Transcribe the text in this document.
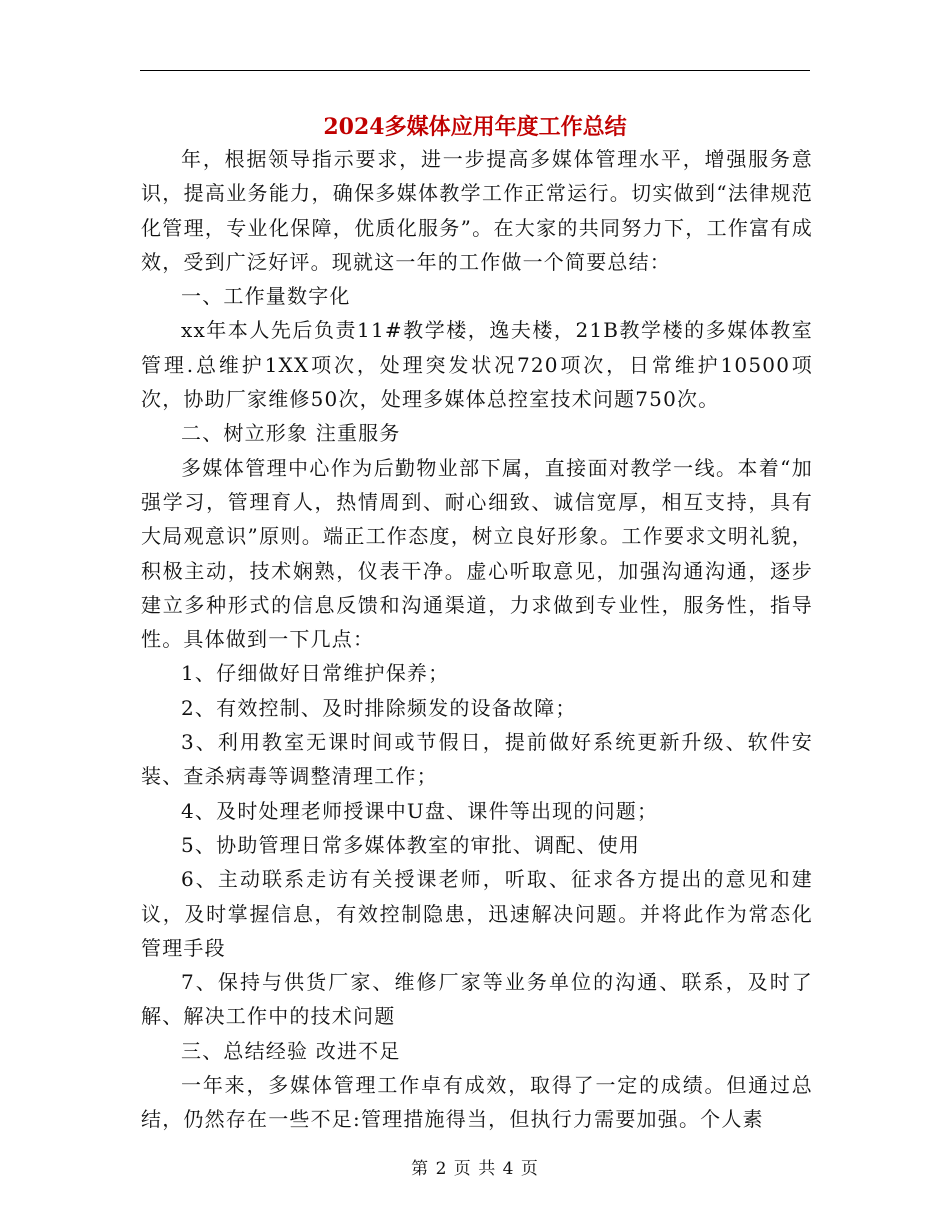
2024多媒体应用年度工作总结

年，根据领导指示要求，进一步提高多媒体管理水平，增强服务意识，提高业务能力，确保多媒体教学工作正常运行。切实做到“法律规范化管理，专业化保障，优质化服务”。在大家的共同努力下，工作富有成效，受到广泛好评。现就这一年的工作做一个简要总结：

一、工作量数字化

xx年本人先后负责11#教学楼，逸夫楼，21B教学楼的多媒体教室管理.总维护1XX项次，处理突发状况720项次，日常维护10500项次，协助厂家维修50次，处理多媒体总控室技术问题750次。

二、树立形象 注重服务

多媒体管理中心作为后勤物业部下属，直接面对教学一线。本着“加强学习，管理育人，热情周到、耐心细致、诚信宽厚，相互支持，具有大局观意识”原则。端正工作态度，树立良好形象。工作要求文明礼貌，积极主动，技术娴熟，仪表干净。虚心听取意见，加强沟通沟通，逐步建立多种形式的信息反馈和沟通渠道，力求做到专业性，服务性，指导性。具体做到一下几点：

1、仔细做好日常维护保养；

2、有效控制、及时排除频发的设备故障；

3、利用教室无课时间或节假日，提前做好系统更新升级、软件安装、查杀病毒等调整清理工作；

4、及时处理老师授课中U盘、课件等出现的问题；

5、协助管理日常多媒体教室的审批、调配、使用

6、主动联系走访有关授课老师，听取、征求各方提出的意见和建议，及时掌握信息，有效控制隐患，迅速解决问题。并将此作为常态化管理手段

7、保持与供货厂家、维修厂家等业务单位的沟通、联系，及时了解、解决工作中的技术问题

三、总结经验 改进不足

一年来，多媒体管理工作卓有成效，取得了一定的成绩。但通过总结，仍然存在一些不足:管理措施得当，但执行力需要加强。个人素

第 2 页 共 4 页
